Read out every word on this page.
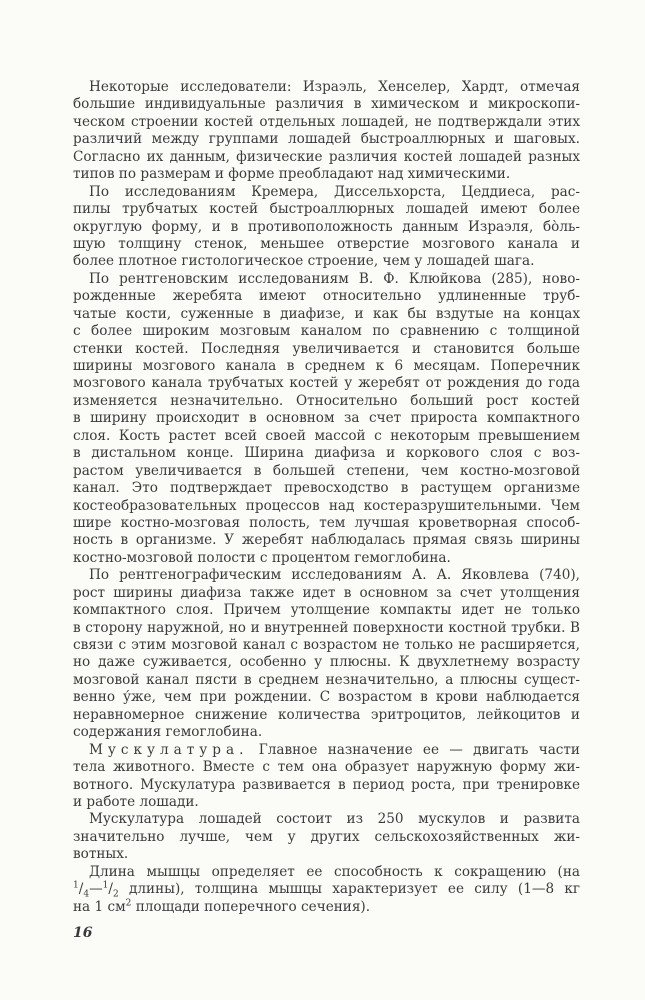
Некоторые исследователи: Израэль, Хенселер, Хардт, отмечая
большие индивидуальные различия в химическом и микроскопи-
ческом строении костей отдельных лошадей, не подтверждали этих
различий между группами лошадей быстроаллюрных и шаговых.
Согласно их данным, физические различия костей лошадей разных
типов по размерам и форме преобладают над химическими.
По исследованиям Кремера, Диссельхорста, Цеддиеса, рас-
пилы трубчатых костей быстроаллюрных лошадей имеют более
округлую форму, и в противоположность данным Израэля, бо̀ль-
шую толщину стенок, меньшее отверстие мозгового канала и
более плотное гистологическое строение, чем у лошадей шага.
По рентгеновским исследованиям В. Ф. Клюйкова (285), ново-
рожденные жеребята имеют относительно удлиненные труб-
чатые кости, суженные в диафизе, и как бы вздутые на концах
с более широким мозговым каналом по сравнению с толщиной
стенки костей. Последняя увеличивается и становится больше
ширины мозгового канала в среднем к 6 месяцам. Поперечник
мозгового канала трубчатых костей у жеребят от рождения до года
изменяется незначительно. Относительно больший рост костей
в ширину происходит в основном за счет прироста компактного
слоя. Кость растет всей своей массой с некоторым превышением
в дистальном конце. Ширина диафиза и коркового слоя с воз-
растом увеличивается в большей степени, чем костно-мозговой
канал. Это подтверждает превосходство в растущем организме
костеобразовательных процессов над костеразрушительными. Чем
шире костно-мозговая полость, тем лучшая кроветворная способ-
ность в организме. У жеребят наблюдалась прямая связь ширины
костно-мозговой полости с процентом гемоглобина.
По рентгенографическим исследованиям А. А. Яковлева (740),
рост ширины диафиза также идет в основном за счет утолщения
компактного слоя. Причем утолщение компакты идет не только
в сторону наружной, но и внутренней поверхности костной трубки. В
связи с этим мозговой канал с возрастом не только не расширяется,
но даже суживается, особенно у плюсны. К двухлетнему возрасту
мозговой канал пясти в среднем незначительно, а плюсны сущест-
венно у́же, чем при рождении. С возрастом в крови наблюдается
неравномерное снижение количества эритроцитов, лейкоцитов и
содержания гемоглобина.
Мускулатура. Главное назначение ее — двигать части
тела животного. Вместе с тем она образует наружную форму жи-
вотного. Мускулатура развивается в период роста, при тренировке
и работе лошади.
Мускулатура лошадей состоит из 250 мускулов и развита
значительно лучше, чем у других сельскохозяйственных жи-
вотных.
Длина мышцы определяет ее способность к сокращению (на
$^1/_4—^1/_2$ длины), толщина мышцы характеризует ее силу (1—8 кг
на 1 $см^2$ площади поперечного сечения).
16
